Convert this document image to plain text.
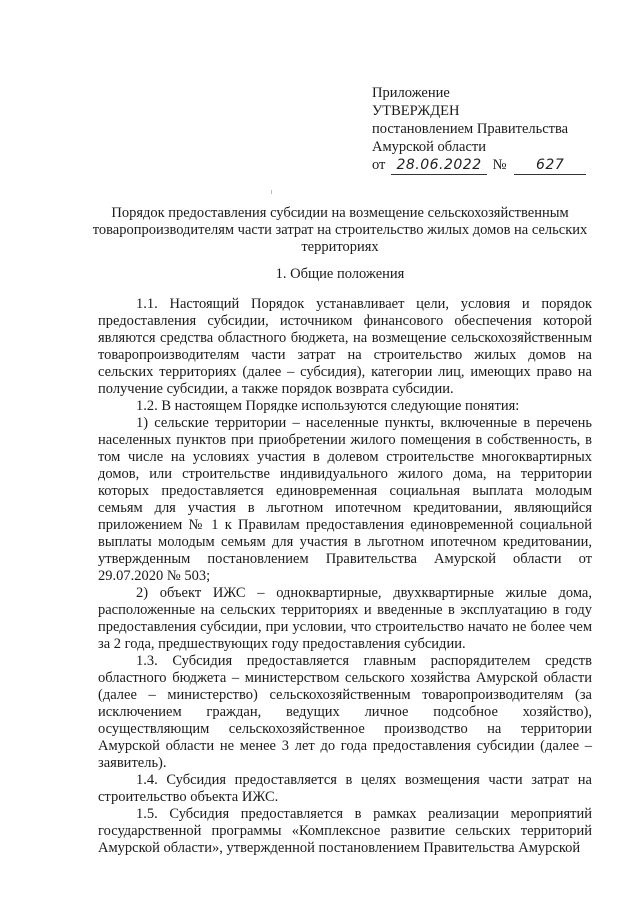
Приложение
УТВЕРЖДЕН
постановлением Правительства
Амурской области
от 28.06.2022 № 627
Порядок предоставления субсидии на возмещение сельскохозяйственным товаропроизводителям части затрат на строительство жилых домов на сельских территориях
1. Общие положения

1.1. Настоящий Порядок устанавливает цели, условия и порядок предоставления субсидии, источником финансового обеспечения которой являются средства областного бюджета, на возмещение сельскохозяйственным товаропроизводителям части затрат на строительство жилых домов на сельских территориях (далее – субсидия), категории лиц, имеющих право на получение субсидии, а также порядок возврата субсидии.

1.2. В настоящем Порядке используются следующие понятия:

1) сельские территории – населенные пункты, включенные в перечень населенных пунктов при приобретении жилого помещения в собственность, в том числе на условиях участия в долевом строительстве многоквартирных домов, или строительстве индивидуального жилого дома, на территории которых предоставляется единовременная социальная выплата молодым семьям для участия в льготном ипотечном кредитовании, являющийся приложением № 1 к Правилам предоставления единовременной социальной выплаты молодым семьям для участия в льготном ипотечном кредитовании, утвержденным постановлением Правительства Амурской области от 29.07.2020 № 503;

2) объект ИЖС – одноквартирные, двухквартирные жилые дома, расположенные на сельских территориях и введенные в эксплуатацию в году предоставления субсидии, при условии, что строительство начато не более чем за 2 года, предшествующих году предоставления субсидии.

1.3. Субсидия предоставляется главным распорядителем средств областного бюджета – министерством сельского хозяйства Амурской области (далее – министерство) сельскохозяйственным товаропроизводителям (за исключением граждан, ведущих личное подсобное хозяйство), осуществляющим сельскохозяйственное производство на территории Амурской области не менее 3 лет до года предоставления субсидии (далее – заявитель).

1.4. Субсидия предоставляется в целях возмещения части затрат на строительство объекта ИЖС.

1.5. Субсидия предоставляется в рамках реализации мероприятий государственной программы «Комплексное развитие сельских территорий Амурской области», утвержденной постановлением Правительства Амурской
